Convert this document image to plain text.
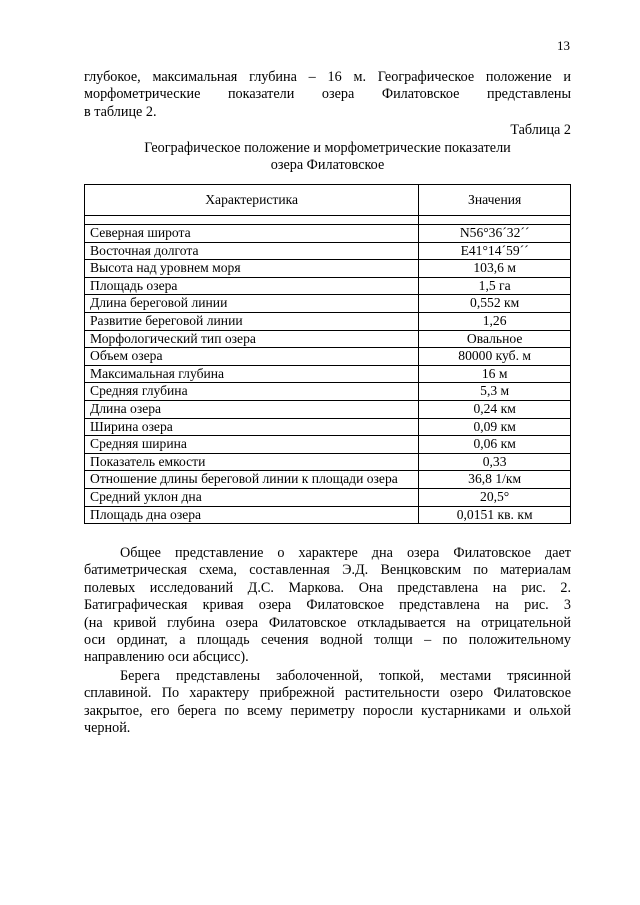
13
глубокое, максимальная глубина – 16 м. Географическое положение и
морфометрические показатели озера Филатовское представлены
в таблице 2.
Таблица 2
Географическое положение и морфометрические показатели
озера Филатовское
Характеристика	Значения

Северная широта	N56°36´32´´
Восточная долгота	E41°14´59´´
Высота над уровнем моря	103,6 м
Площадь озера	1,5 га
Длина береговой линии	0,552 км
Развитие береговой линии	1,26
Морфологический тип озера	Овальное
Объем озера	80000 куб. м
Максимальная глубина	16 м
Средняя глубина	5,3 м
Длина озера	0,24 км
Ширина озера	0,09 км
Средняя ширина	0,06 км
Показатель емкости	0,33
Отношение длины береговой линии к площади озера	36,8 1/км
Средний уклон дна	20,5°
Площадь дна озера	0,0151 кв. км
Общее представление о характере дна озера Филатовское дает
батиметрическая схема, составленная Э.Д. Венцковским по материалам
полевых исследований Д.С. Маркова. Она представлена на рис. 2.
Батиграфическая кривая озера Филатовское представлена на рис. 3
(на кривой глубина озера Филатовское откладывается на отрицательной
оси ординат, а площадь сечения водной толщи – по положительному
направлению оси абсцисс).
Берега представлены заболоченной, топкой, местами трясинной
сплавиной. По характеру прибрежной растительности озеро Филатовское
закрытое, его берега по всему периметру поросли кустарниками и ольхой
черной.
